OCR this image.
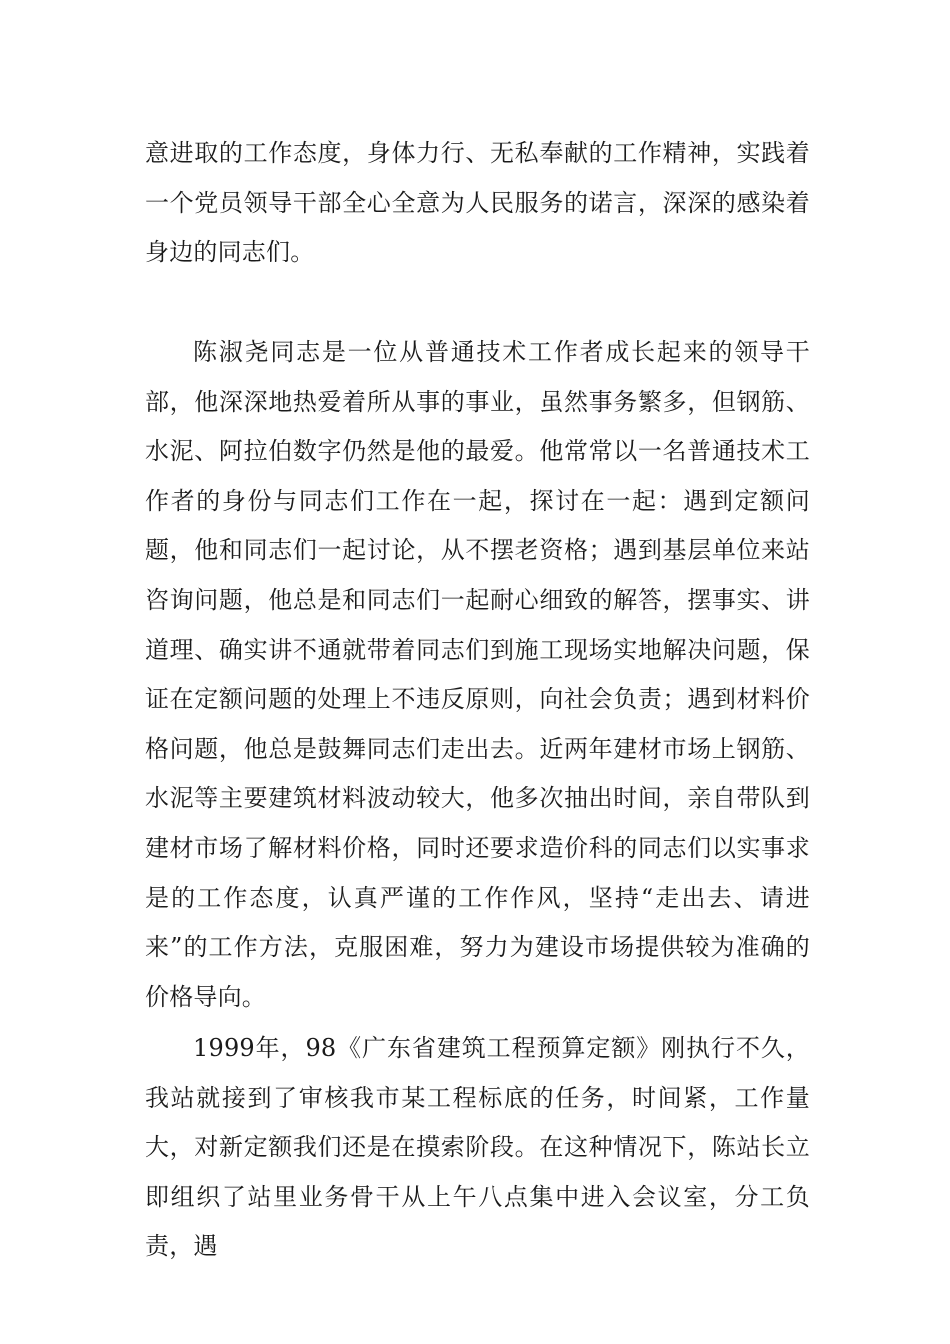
意进取的工作态度，身体力行、无私奉献的工作精神，实践着一个党员领导干部全心全意为人民服务的诺言，深深的感染着身边的同志们。

陈淑尧同志是一位从普通技术工作者成长起来的领导干部，他深深地热爱着所从事的事业，虽然事务繁多，但钢筋、水泥、阿拉伯数字仍然是他的最爱。他常常以一名普通技术工作者的身份与同志们工作在一起，探讨在一起：遇到定额问题，他和同志们一起讨论，从不摆老资格；遇到基层单位来站咨询问题，他总是和同志们一起耐心细致的解答，摆事实、讲道理、确实讲不通就带着同志们到施工现场实地解决问题，保证在定额问题的处理上不违反原则，向社会负责；遇到材料价格问题，他总是鼓舞同志们走出去。近两年建材市场上钢筋、水泥等主要建筑材料波动较大，他多次抽出时间，亲自带队到建材市场了解材料价格，同时还要求造价科的同志们以实事求是的工作态度，认真严谨的工作作风，坚持“走出去、请进来”的工作方法，克服困难，努力为建设市场提供较为准确的价格导向。

1999年，98《广东省建筑工程预算定额》刚执行不久，我站就接到了审核我市某工程标底的任务，时间紧，工作量大，对新定额我们还是在摸索阶段。在这种情况下，陈站长立即组织了站里业务骨干从上午八点集中进入会议室，分工负责，遇
